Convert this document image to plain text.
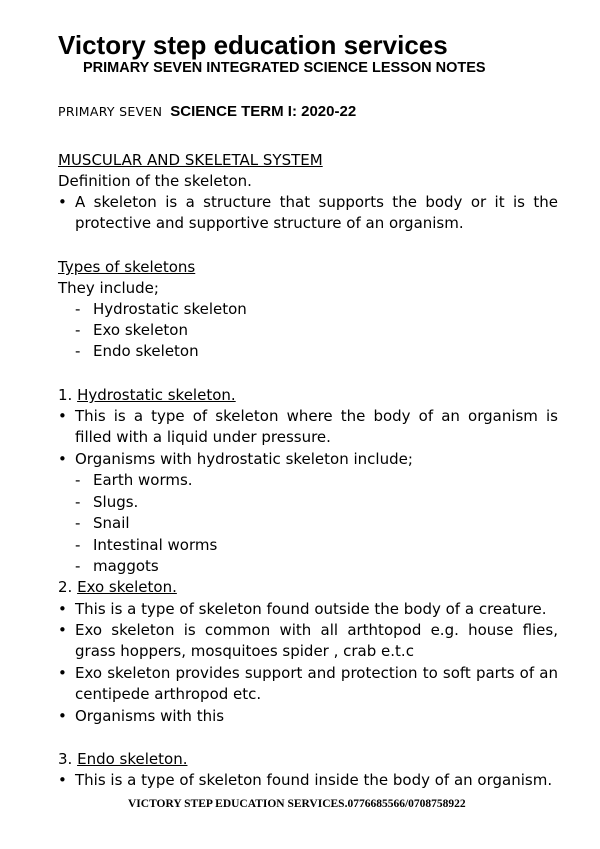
Victory step education services
PRIMARY SEVEN INTEGRATED SCIENCE LESSON NOTES
PRIMARY SEVEN SCIENCE TERM I: 2020-22
MUSCULAR AND SKELETAL SYSTEM
Definition of the skeleton.
• A skeleton is a structure that supports the body or it is the protective and supportive structure of an organism.
Types of skeletons
They include;
- Hydrostatic skeleton
- Exo skeleton
- Endo skeleton
1. Hydrostatic skeleton.
• This is a type of skeleton where the body of an organism is filled with a liquid under pressure.
• Organisms with hydrostatic skeleton include;
- Earth worms.
- Slugs.
- Snail
- Intestinal worms
- maggots
2. Exo skeleton.
• This is a type of skeleton found outside the body of a creature.
• Exo skeleton is common with all arthtopod e.g. house flies, grass hoppers, mosquitoes spider , crab e.t.c
• Exo skeleton provides support and protection to soft parts of an centipede arthropod etc.
• Organisms with this
3. Endo skeleton.
• This is a type of skeleton found inside the body of an organism.
VICTORY STEP EDUCATION SERVICES.0776685566/0708758922
